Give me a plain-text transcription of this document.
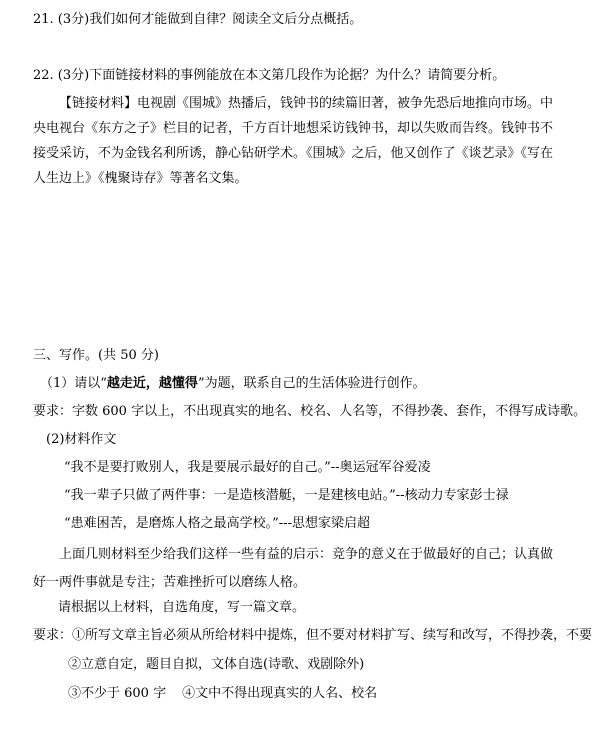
21. (3分)我们如何才能做到自律？阅读全文后分点概括。
22. (3分)下面链接材料的事例能放在本文第几段作为论据？为什么？请简要分析。
【链接材料】电视剧《围城》热播后，钱钟书的续篇旧著，被争先恐后地推向市场。中央电视台《东方之子》栏目的记者，千方百计地想采访钱钟书，却以失败而告终。钱钟书不接受采访，不为金钱名利所诱，静心钻研学术。《围城》之后，他又创作了《谈艺录》《写在人生边上》《槐聚诗存》等著名文集。
三、写作。(共 50 分)
（1）请以“越走近，越懂得”为题，联系自己的生活体验进行创作。
要求：字数 600 字以上，不出现真实的地名、校名、人名等，不得抄袭、套作，不得写成诗歌。
(2)材料作文
“我不是要打败别人，我是要展示最好的自己。”--奥运冠军谷爱凌
“我一辈子只做了两件事：一是造核潜艇，一是建核电站。”--核动力专家彭士禄
“患难困苦，是磨炼人格之最高学校。”---思想家梁启超
上面几则材料至少给我们这样一些有益的启示：竞争的意义在于做最好的自己；认真做好一两件事就是专注；苦难挫折可以磨练人格。
请根据以上材料，自选角度，写一篇文章。
要求：①所写文章主旨必须从所给材料中提炼，但不要对材料扩写、续写和改写，不得抄袭，不要
②立意自定，题目自拟，文体自选(诗歌、戏剧除外)
③不少于 600 字 ④文中不得出现真实的人名、校名
